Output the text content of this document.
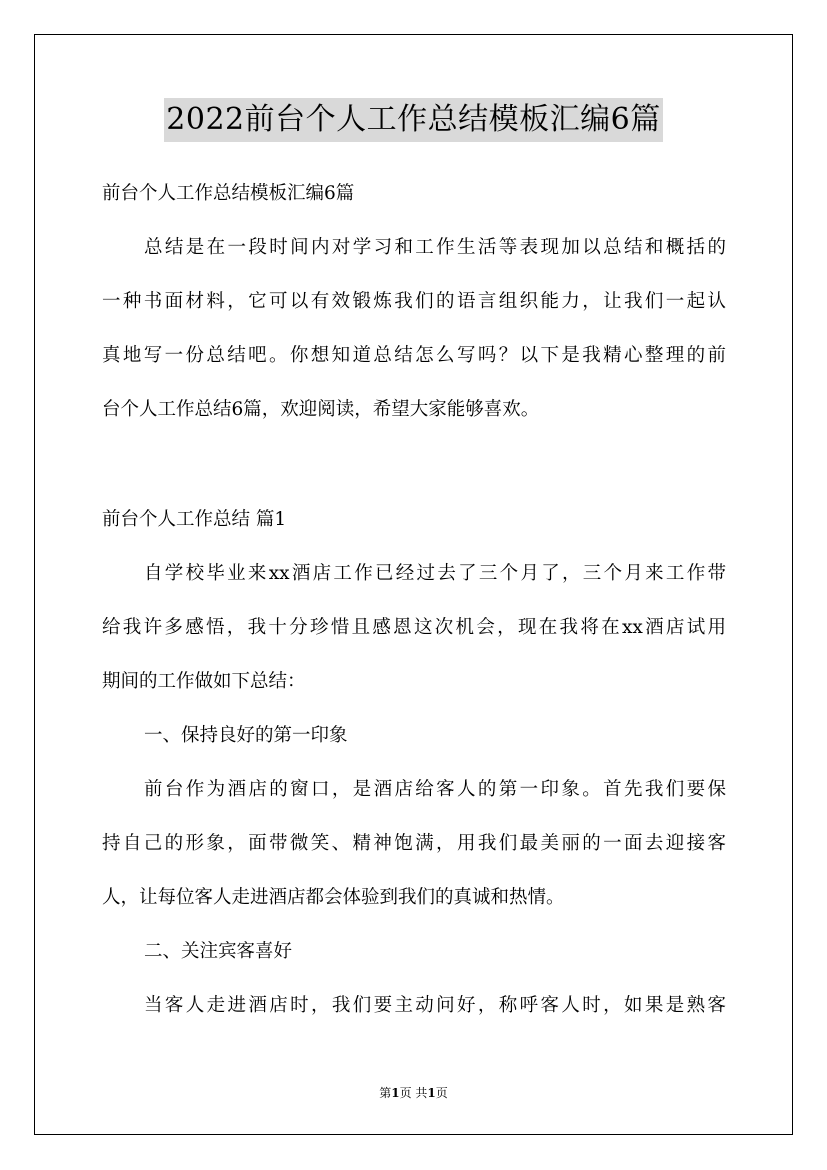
2022前台个人工作总结模板汇编6篇
前台个人工作总结模板汇编6篇
总结是在一段时间内对学习和工作生活等表现加以总结和概括的
一种书面材料，它可以有效锻炼我们的语言组织能力，让我们一起认
真地写一份总结吧。你想知道总结怎么写吗？以下是我精心整理的前
台个人工作总结6篇，欢迎阅读，希望大家能够喜欢。
前台个人工作总结 篇1
自学校毕业来xx酒店工作已经过去了三个月了，三个月来工作带
给我许多感悟，我十分珍惜且感恩这次机会，现在我将在xx酒店试用
期间的工作做如下总结：
一、保持良好的第一印象
前台作为酒店的窗口，是酒店给客人的第一印象。首先我们要保
持自己的形象，面带微笑、精神饱满，用我们最美丽的一面去迎接客
人，让每位客人走进酒店都会体验到我们的真诚和热情。
二、关注宾客喜好
当客人走进酒店时，我们要主动问好，称呼客人时，如果是熟客
第1页 共1页
